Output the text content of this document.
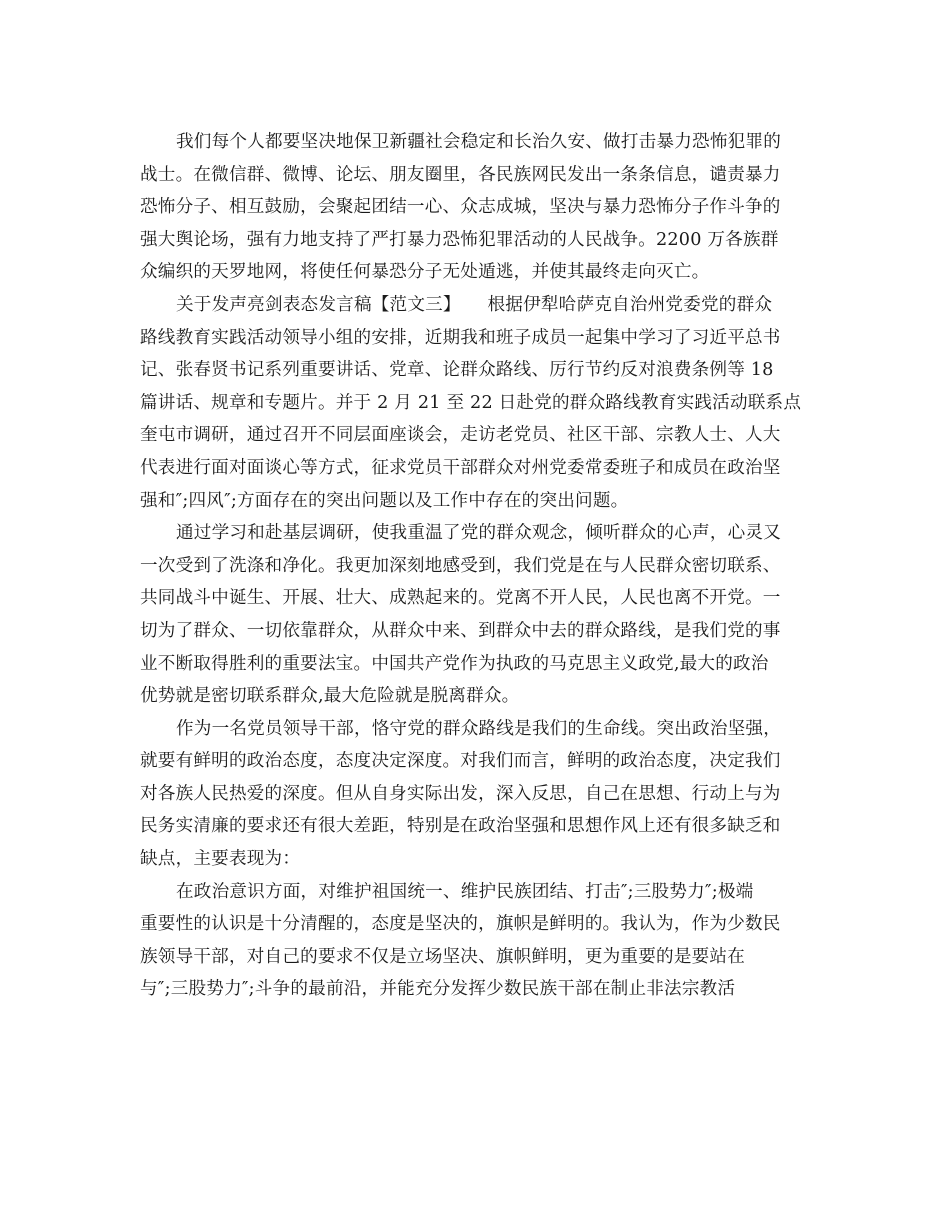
我们每个人都要坚决地保卫新疆社会稳定和长治久安、做打击暴力恐怖犯罪的
战士。在微信群、微博、论坛、朋友圈里，各民族网民发出一条条信息，谴责暴力
恐怖分子、相互鼓励，会聚起团结一心、众志成城，坚决与暴力恐怖分子作斗争的
强大舆论场，强有力地支持了严打暴力恐怖犯罪活动的人民战争。2200 万各族群
众编织的天罗地网，将使任何暴恐分子无处遁逃，并使其最终走向灭亡。
关于发声亮剑表态发言稿【范文三】　　根据伊犁哈萨克自治州党委党的群众
路线教育实践活动领导小组的安排，近期我和班子成员一起集中学习了习近平总书
记、张春贤书记系列重要讲话、党章、论群众路线、厉行节约反对浪费条例等 18
篇讲话、规章和专题片。并于 2 月 21 至 22 日赴党的群众路线教育实践活动联系点
奎屯市调研，通过召开不同层面座谈会，走访老党员、社区干部、宗教人士、人大
代表进行面对面谈心等方式，征求党员干部群众对州党委常委班子和成员在政治坚
强和″;四风″;方面存在的突出问题以及工作中存在的突出问题。
通过学习和赴基层调研，使我重温了党的群众观念，倾听群众的心声，心灵又
一次受到了洗涤和净化。我更加深刻地感受到，我们党是在与人民群众密切联系、
共同战斗中诞生、开展、壮大、成熟起来的。党离不开人民，人民也离不开党。一
切为了群众、一切依靠群众，从群众中来、到群众中去的群众路线，是我们党的事
业不断取得胜利的重要法宝。中国共产党作为执政的马克思主义政党,最大的政治
优势就是密切联系群众,最大危险就是脱离群众。
作为一名党员领导干部，恪守党的群众路线是我们的生命线。突出政治坚强，
就要有鲜明的政治态度，态度决定深度。对我们而言，鲜明的政治态度，决定我们
对各族人民热爱的深度。但从自身实际出发，深入反思，自己在思想、行动上与为
民务实清廉的要求还有很大差距，特别是在政治坚强和思想作风上还有很多缺乏和
缺点，主要表现为：
在政治意识方面，对维护祖国统一、维护民族团结、打击″;三股势力″;极端
重要性的认识是十分清醒的，态度是坚决的，旗帜是鲜明的。我认为，作为少数民
族领导干部，对自己的要求不仅是立场坚决、旗帜鲜明，更为重要的是要站在
与″;三股势力″;斗争的最前沿，并能充分发挥少数民族干部在制止非法宗教活
